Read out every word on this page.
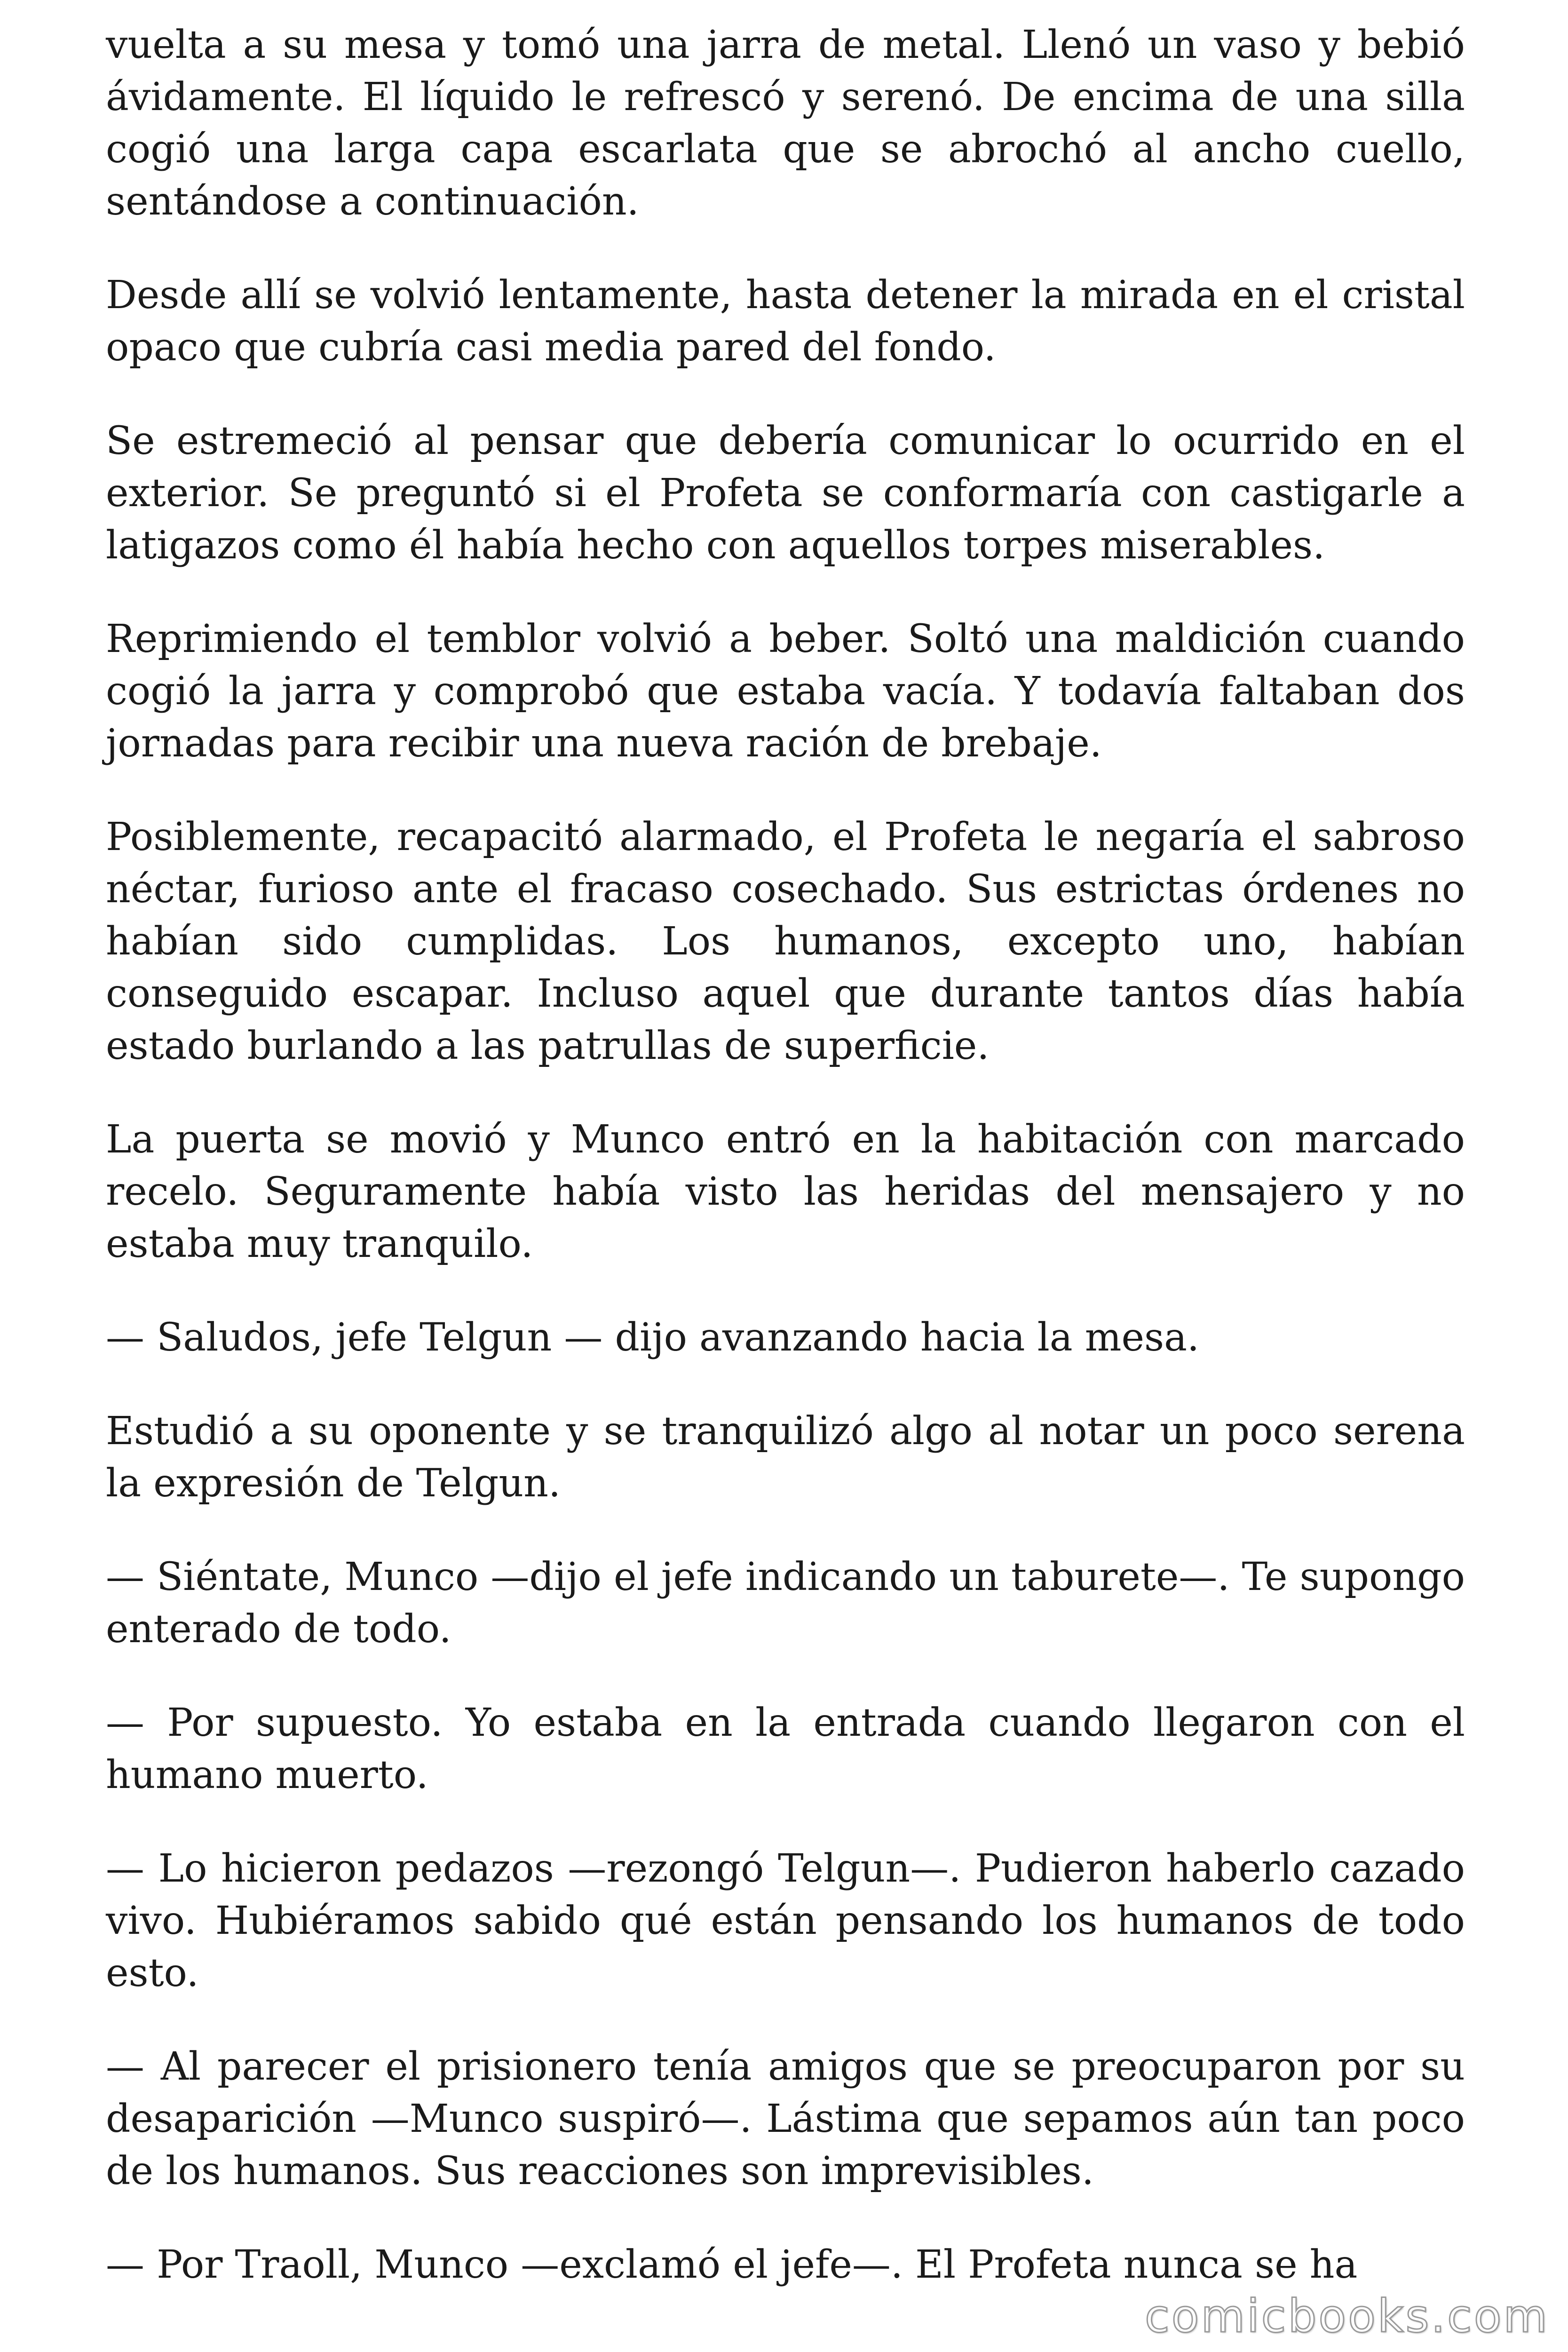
vuelta a su mesa y tomó una jarra de metal. Llenó un vaso y bebió ávidamente. El líquido le refrescó y serenó. De encima de una silla cogió una larga capa escarlata que se abrochó al ancho cuello, sentándose a continuación.

Desde allí se volvió lentamente, hasta detener la mirada en el cristal opaco que cubría casi media pared del fondo.

Se estremeció al pensar que debería comunicar lo ocurrido en el exterior. Se preguntó si el Profeta se conformaría con castigarle a latigazos como él había hecho con aquellos torpes miserables.

Reprimiendo el temblor volvió a beber. Soltó una maldición cuando cogió la jarra y comprobó que estaba vacía. Y todavía faltaban dos jornadas para recibir una nueva ración de brebaje.

Posiblemente, recapacitó alarmado, el Profeta le negaría el sabroso néctar, furioso ante el fracaso cosechado. Sus estrictas órdenes no habían sido cumplidas. Los humanos, excepto uno, habían conseguido escapar. Incluso aquel que durante tantos días había estado burlando a las patrullas de superficie.

La puerta se movió y Munco entró en la habitación con marcado recelo. Seguramente había visto las heridas del mensajero y no estaba muy tranquilo.

— Saludos, jefe Telgun — dijo avanzando hacia la mesa.

Estudió a su oponente y se tranquilizó algo al notar un poco serena la expresión de Telgun.

— Siéntate, Munco —dijo el jefe indicando un taburete—. Te supongo enterado de todo.

— Por supuesto. Yo estaba en la entrada cuando llegaron con el humano muerto.

— Lo hicieron pedazos —rezongó Telgun—. Pudieron haberlo cazado vivo. Hubiéramos sabido qué están pensando los humanos de todo esto.

— Al parecer el prisionero tenía amigos que se preocuparon por su desaparición —Munco suspiró—. Lástima que sepamos aún tan poco de los humanos. Sus reacciones son imprevisibles.

— Por Traoll, Munco —exclamó el jefe—. El Profeta nunca se ha

comicbooks.com
